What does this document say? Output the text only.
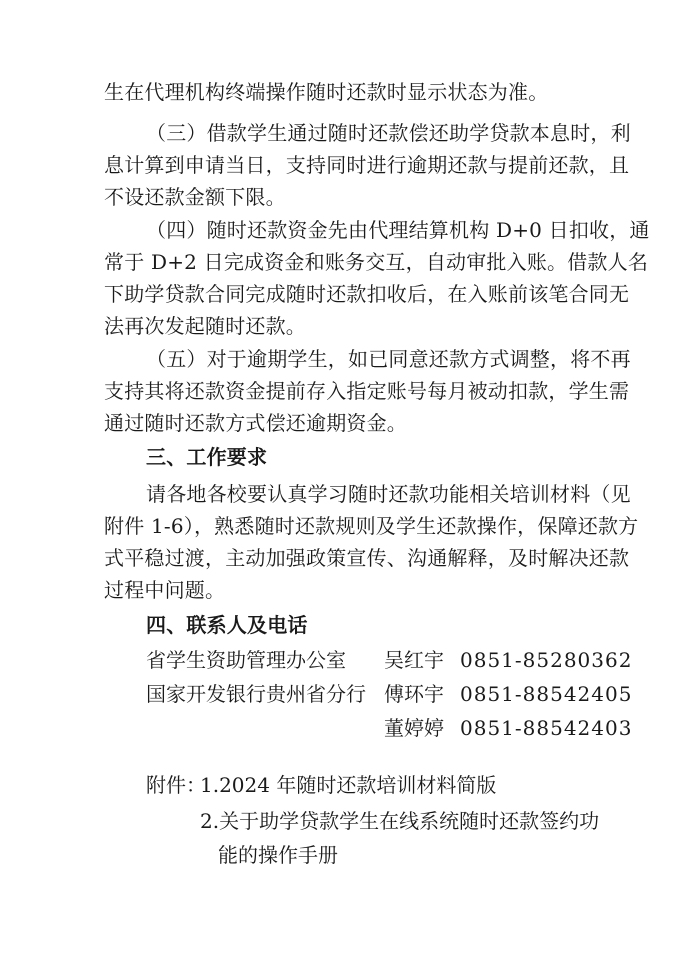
生在代理机构终端操作随时还款时显示状态为准。
（三）借款学生通过随时还款偿还助学贷款本息时，利
息计算到申请当日，支持同时进行逾期还款与提前还款，且
不设还款金额下限。
（四）随时还款资金先由代理结算机构 D+0 日扣收，通
常于 D+2 日完成资金和账务交互，自动审批入账。借款人名
下助学贷款合同完成随时还款扣收后，在入账前该笔合同无
法再次发起随时还款。
（五）对于逾期学生，如已同意还款方式调整，将不再
支持其将还款资金提前存入指定账号每月被动扣款，学生需
通过随时还款方式偿还逾期资金。
三、工作要求
请各地各校要认真学习随时还款功能相关培训材料（见
附件 1-6），熟悉随时还款规则及学生还款操作，保障还款方
式平稳过渡，主动加强政策宣传、沟通解释，及时解决还款
过程中问题。
四、联系人及电话
省学生资助管理办公室 吴红宇 0851-85280362
国家开发银行贵州省分行 傅环宇 0851-88542405
董婷婷 0851-88542403
附件：
1.2024 年随时还款培训材料简版
2.关于助学贷款学生在线系统随时还款签约功
能的操作手册
